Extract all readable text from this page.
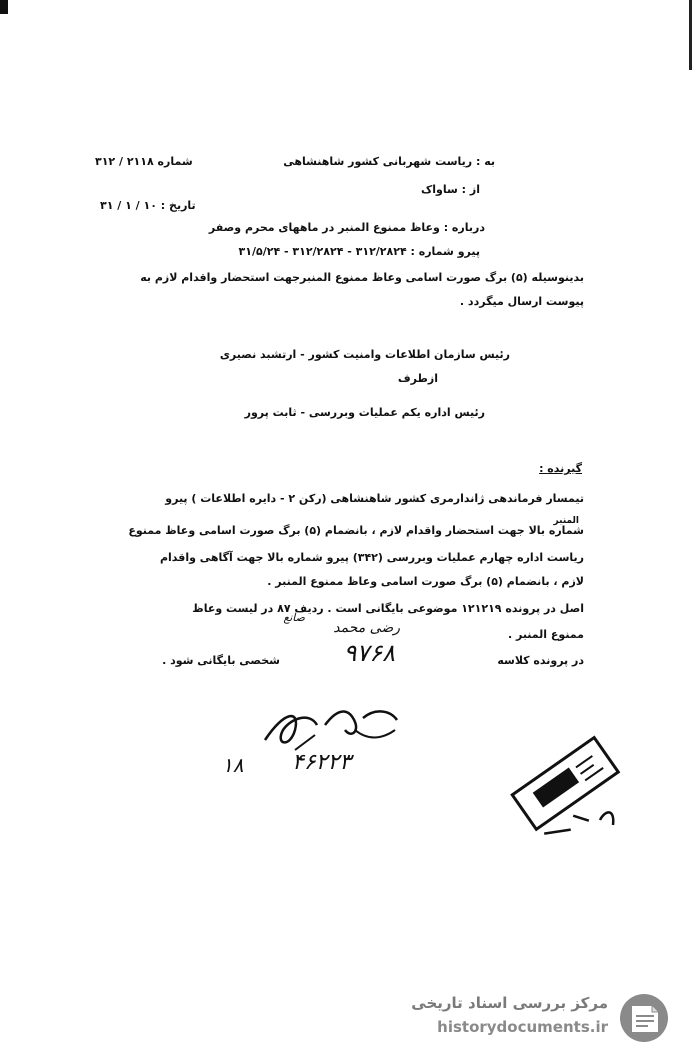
به : ریاست شهربانی کشور شاهنشاهی
شماره ۲۱۱۸ / ۳۱۲
از : ساواک
تاریخ : ۱۰ / ۱ / ۳۱
درباره : وعاظ ممنوع المنبر در ماههای محرم وصفر
پیرو شماره : ۳۱۲/۲۸۲۴ - ۳۱۲/۲۸۲۴ - ۳۱/۵/۲۴
بدینوسیله (۵) برگ صورت اسامی وعاظ ممنوع المنبرجهت استحضار واقدام لازم به
پیوست ارسال میگردد .
رئیس سازمان اطلاعات وامنیت کشور - ارتشبد نصیری
ازطرف
رئیس اداره یکم عملیات وبررسی - ثابت پرور
گیرنده :
تیمسار فرماندهی ژاندارمری کشور شاهنشاهی (رکن ۲ - دایره اطلاعات ) پیرو
المنبر
شماره بالا جهت استحضار واقدام لازم ، بانضمام (۵) برگ صورت اسامی وعاظ ممنوع
ریاست اداره چهارم عملیات وبررسی (۳۴۲) پیرو شماره بالا جهت آگاهی واقدام
لازم ، بانضمام (۵) برگ صورت اسامی وعاظ ممنوع المنبر .
اصل در پرونده ۱۲۱۲۱۹ موضوعی بایگانی است . ردیف ۸۷ در لیست وعاظ
ممنوع المنبر .
در پرونده کلاسه
شخصی بایگانی شود .
رضی محمد
صانع
۹۷۶۸
۱۸ ۴۶۲۲۳
مرکز بررسی اسناد تاریخی
historydocuments.ir
